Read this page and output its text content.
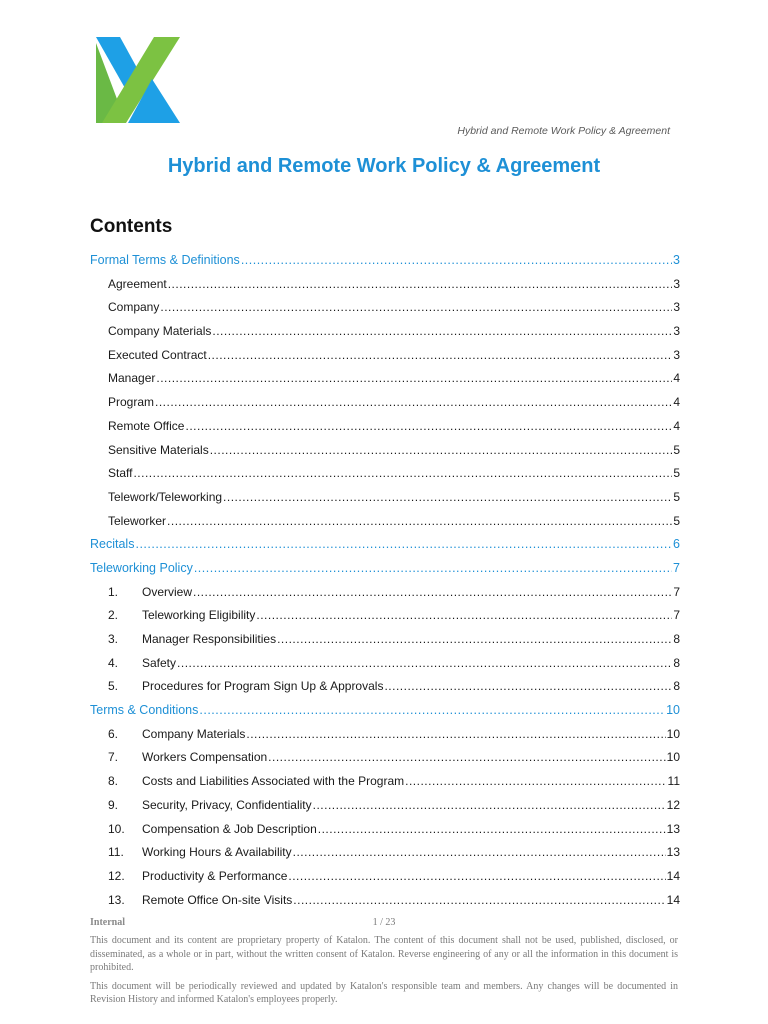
Hybrid and Remote Work Policy & Agreement
Hybrid and Remote Work Policy & Agreement
Contents
Formal Terms & Definitions .....	3
Agreement .....	3
Company .....	3
Company Materials .....	3
Executed Contract .....	3
Manager .....	4
Program .....	4
Remote Office .....	4
Sensitive Materials .....	5
Staff .....	5
Telework/Teleworking .....	5
Teleworker .....	5
Recitals .....	6
Teleworking Policy .....	7
1.	Overview .....	7
2.	Teleworking Eligibility .....	7
3.	Manager Responsibilities .....	8
4.	Safety .....	8
5.	Procedures for Program Sign Up & Approvals .....	8
Terms & Conditions .....	10
6.	Company Materials .....	10
7.	Workers Compensation .....	10
8.	Costs and Liabilities Associated with the Program .....	11
9.	Security, Privacy, Confidentiality .....	12
10.	Compensation & Job Description .....	13
11.	Working Hours & Availability .....	13
12.	Productivity & Performance .....	14
13.	Remote Office On-site Visits .....	14
Internal	1 / 23

This document and its content are proprietary property of Katalon. The content of this document shall not be used, published, disclosed, or disseminated, as a whole or in part, without the written consent of Katalon. Reverse engineering of any or all the information in this document is prohibited.

This document will be periodically reviewed and updated by Katalon's responsible team and members. Any changes will be documented in Revision History and informed Katalon's employees properly.
